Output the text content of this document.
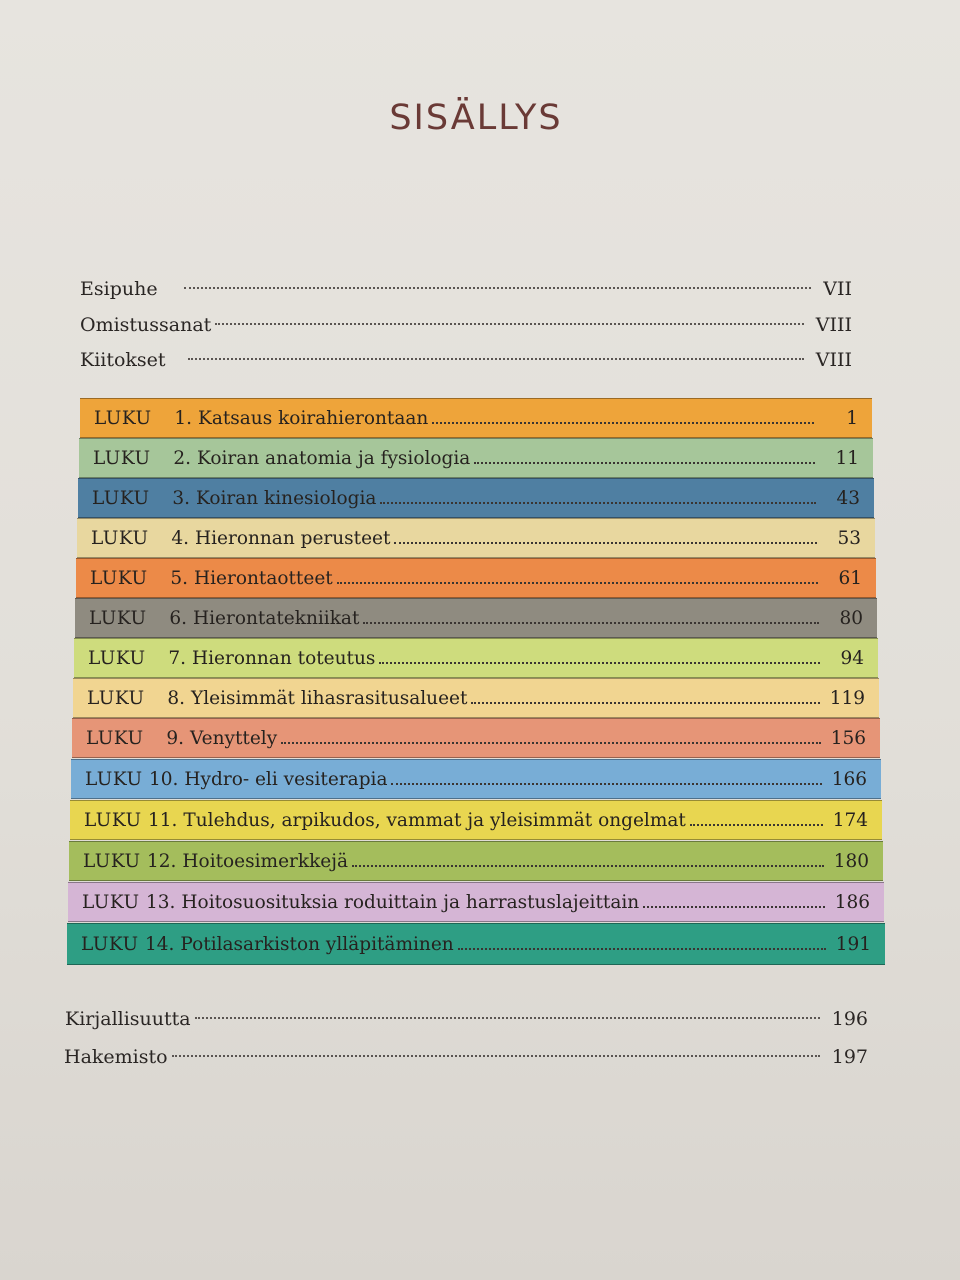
SISÄLLYS
Esipuhe	VII
Omistussanat	VIII
Kiitokset	VIII
LUKU	1. Katsaus koirahierontaan	1
LUKU	2. Koiran anatomia ja fysiologia	11
LUKU	3. Koiran kinesiologia	43
LUKU	4. Hieronnan perusteet	53
LUKU	5. Hierontaotteet	61
LUKU	6. Hierontatekniikat	80
LUKU	7. Hieronnan toteutus	94
LUKU	8. Yleisimmät lihasrasitusalueet	119
LUKU	9. Venyttely	156
LUKU 10. Hydro- eli vesiterapia	166
LUKU 11. Tulehdus, arpikudos, vammat ja yleisimmät ongelmat	174
LUKU 12. Hoitoesimerkkejä	180
LUKU 13. Hoitosuosituksia roduittain ja harrastuslajeittain	186
LUKU 14. Potilasarkiston ylläpitäminen	191
Kirjallisuutta	196
Hakemisto	197
